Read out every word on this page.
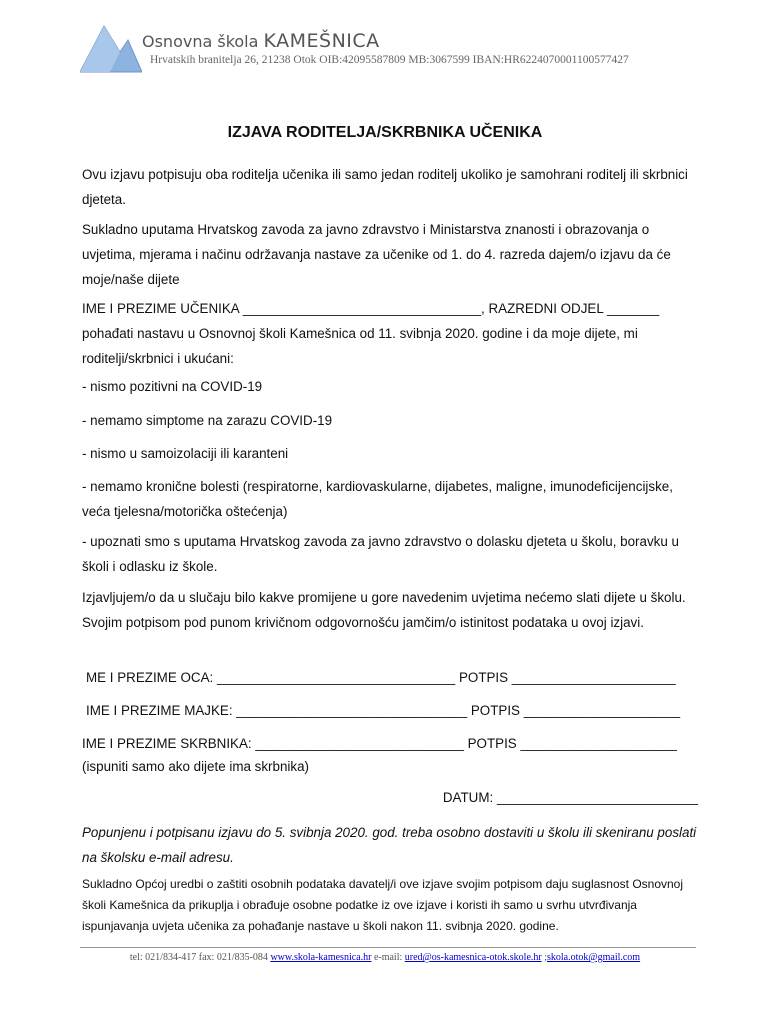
Osnovna škola KAMEŠNICA
Hrvatskih branitelja 26, 21238 Otok OIB:42095587809 MB:3067599 IBAN:HR6224070001100577427
IZJAVA RODITELJA/SKRBNIKA UČENIKA
Ovu izjavu potpisuju oba roditelja učenika ili samo jedan roditelj ukoliko je samohrani roditelj ili skrbnici djeteta.
Sukladno uputama Hrvatskog zavoda za javno zdravstvo i Ministarstva znanosti i obrazovanja o uvjetima, mjerama i načinu održavanja nastave za učenike od 1. do 4. razreda dajem/o izjavu da će moje/naše dijete
IME I PREZIME UČENIKA ________________________________, RAZREDNI ODJEL _______ pohađati nastavu u Osnovnoj školi Kamešnica od 11. svibnja 2020. godine i da moje dijete, mi roditelji/skrbnici i ukućani:
- nismo pozitivni na COVID-19
- nemamo simptome na zarazu COVID-19
- nismo u samoizolaciji ili karanteni
- nemamo kronične bolesti (respiratorne, kardiovaskularne, dijabetes, maligne, imunodeficijencijske, veća tjelesna/motorička oštećenja)
- upoznati smo s uputama Hrvatskog zavoda za javno zdravstvo o dolasku djeteta u školu, boravku u školi i odlasku iz škole.
Izjavljujem/o da u slučaju bilo kakve promijene u gore navedenim uvjetima nećemo slati dijete u školu. Svojim potpisom pod punom krivičnom odgovornošću jamčim/o istinitost podataka u ovoj izjavi.
ME I PREZIME OCA: ________________________________ POTPIS ______________________
IME I PREZIME MAJKE: _______________________________ POTPIS _____________________
IME I PREZIME SKRBNIKA: ____________________________ POTPIS _____________________
(ispuniti samo ako dijete ima skrbnika)
DATUM: ___________________________
Popunjenu i potpisanu izjavu do 5. svibnja 2020. god. treba osobno dostaviti u školu ili skeniranu poslati na školsku e-mail adresu.
Sukladno Općoj uredbi o zaštiti osobnih podataka davatelj/i ove izjave svojim potpisom daju suglasnost Osnovnoj školi Kamešnica da prikuplja i obrađuje osobne podatke iz ove izjave i koristi ih samo u svrhu utvrđivanja ispunjavanja uvjeta učenika za pohađanje nastave u školi nakon 11. svibnja 2020. godine.
tel: 021/834-417 fax: 021/835-084 www.skola-kamesnica.hr e-mail: ured@os-kamesnica-otok.skole.hr ;skola.otok@gmail.com
